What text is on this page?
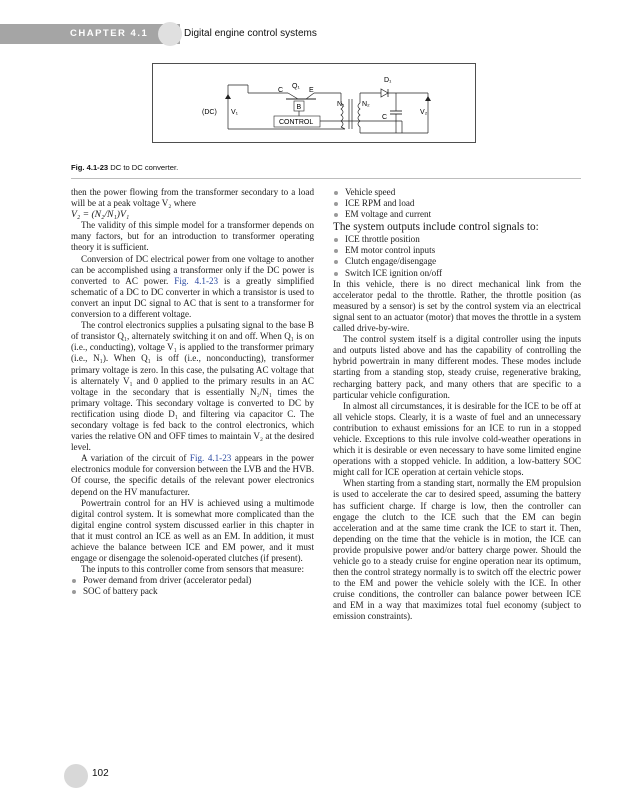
CHAPTER 4.1	Digital engine control systems
(DC) V₁
C
Q₁
E
B
CONTROL
N₁	N₂
D₁
C
V₂
Fig. 4.1-23 DC to DC converter.

then the power flowing from the transformer secondary to a load will be at a peak voltage V₂ where

V₂ = (N₂/N₁)V₁

The validity of this simple model for a transformer depends on many factors, but for an introduction to transformer operating theory it is sufficient.

Conversion of DC electrical power from one voltage to another can be accomplished using a transformer only if the DC power is converted to AC power. Fig. 4.1-23 is a greatly simplified schematic of a DC to DC converter in which a transistor is used to convert an input DC signal to AC that is sent to a transformer for conversion to a different voltage.

The control electronics supplies a pulsating signal to the base B of transistor Q₁, alternately switching it on and off. When Q₁ is on (i.e., conducting), voltage V₁ is applied to the transformer primary (i.e., N₁). When Q₁ is off (i.e., nonconducting), transformer primary voltage is zero. In this case, the pulsating AC voltage that is alternately V₁ and 0 applied to the primary results in an AC voltage in the secondary that is essentially N₂/N₁ times the primary voltage. This secondary voltage is converted to DC by rectification using diode D₁ and filtering via capacitor C. The secondary voltage is fed back to the control electronics, which varies the relative ON and OFF times to maintain V₂ at the desired level.

A variation of the circuit of Fig. 4.1-23 appears in the power electronics module for conversion between the LVB and the HVB. Of course, the specific details of the relevant power electronics depend on the HV manufacturer.

Powertrain control for an HV is achieved using a multimode digital control system. It is somewhat more complicated than the digital engine control system discussed earlier in this chapter in that it must control an ICE as well as an EM. In addition, it must achieve the balance between ICE and EM power, and it must engage or disengage the solenoid-operated clutches (if present).

The inputs to this controller come from sensors that measure:

Power demand from driver (accelerator pedal)
SOC of battery pack
Vehicle speed
ICE RPM and load
EM voltage and current

The system outputs include control signals to:

ICE throttle position
EM motor control inputs
Clutch engage/disengage
Switch ICE ignition on/off

In this vehicle, there is no direct mechanical link from the accelerator pedal to the throttle. Rather, the throttle position (as measured by a sensor) is set by the control system via an electrical signal sent to an actuator (motor) that moves the throttle in a system called drive-by-wire.

The control system itself is a digital controller using the inputs and outputs listed above and has the capability of controlling the hybrid powertrain in many different modes. These modes include starting from a standing stop, steady cruise, regenerative braking, recharging battery pack, and many others that are specific to a particular vehicle configuration.

In almost all circumstances, it is desirable for the ICE to be off at all vehicle stops. Clearly, it is a waste of fuel and an unnecessary contribution to exhaust emissions for an ICE to run in a stopped vehicle. Exceptions to this rule involve cold-weather operations in which it is desirable or even necessary to have some limited engine operations with a stopped vehicle. In addition, a low-battery SOC might call for ICE operation at certain vehicle stops.

When starting from a standing start, normally the EM propulsion is used to accelerate the car to desired speed, assuming the battery has sufficient charge. If charge is low, then the controller can engage the clutch to the ICE such that the EM can begin acceleration and at the same time crank the ICE to start it. Then, depending on the time that the vehicle is in motion, the ICE can provide propulsive power and/or battery charge power. Should the vehicle go to a steady cruise for engine operation near its optimum, then the control strategy normally is to switch off the electric power to the EM and power the vehicle solely with the ICE. In other cruise conditions, the controller can balance power between ICE and EM in a way that maximizes total fuel economy (subject to emission constraints).

102
